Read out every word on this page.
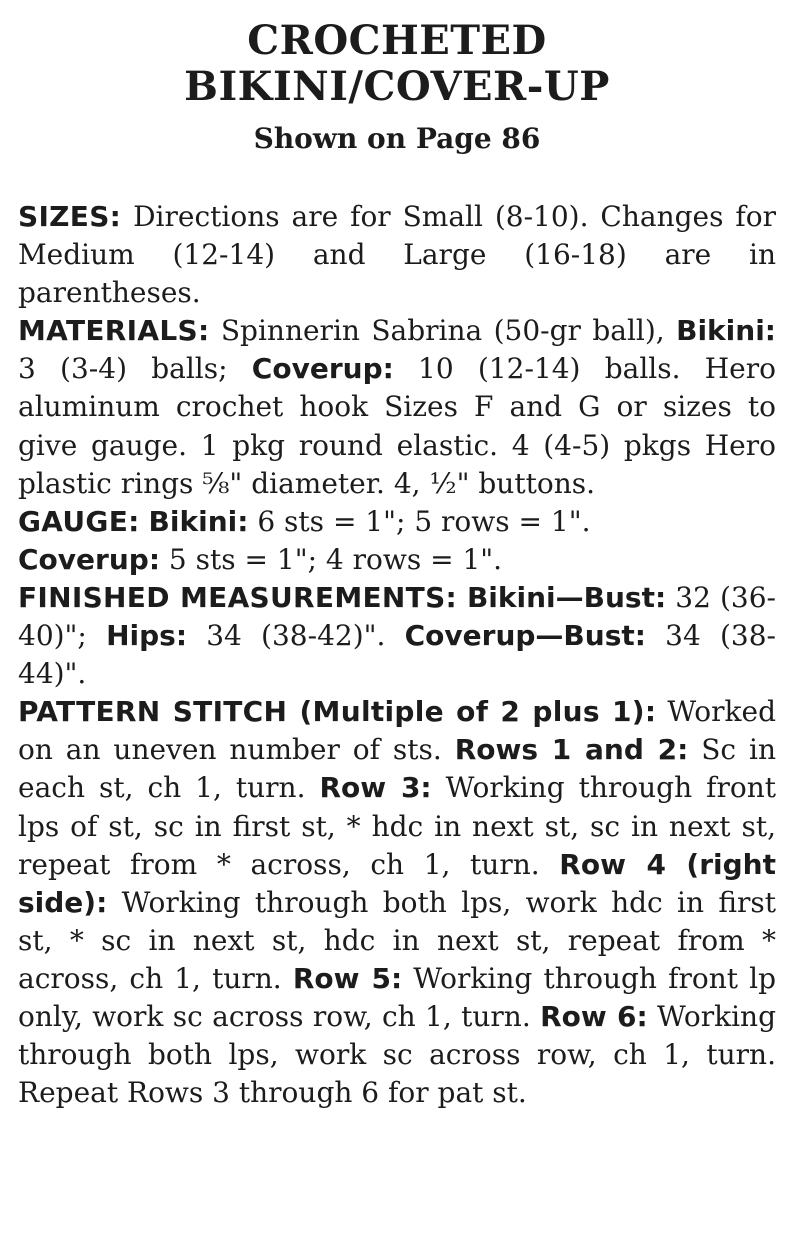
CROCHETED
BIKINI/COVER-UP
Shown on Page 86

SIZES: Directions are for Small (8-10). Changes for Medium (12-14) and Large (16-18) are in parentheses.

MATERIALS: Spinnerin Sabrina (50-gr ball), Bikini: 3 (3-4) balls; Coverup: 10 (12-14) balls. Hero aluminum crochet hook Sizes F and G or sizes to give gauge. 1 pkg round elastic. 4 (4-5) pkgs Hero plastic rings ⅝" diameter. 4, ½" buttons.

GAUGE: Bikini: 6 sts = 1"; 5 rows = 1".
Coverup: 5 sts = 1"; 4 rows = 1".

FINISHED MEASUREMENTS: Bikini—Bust: 32 (36-40)"; Hips: 34 (38-42)". Coverup—Bust: 34 (38-44)".

PATTERN STITCH (Multiple of 2 plus 1): Worked on an uneven number of sts. Rows 1 and 2: Sc in each st, ch 1, turn. Row 3: Working through front lps of st, sc in first st, * hdc in next st, sc in next st, repeat from * across, ch 1, turn. Row 4 (right side): Working through both lps, work hdc in first st, * sc in next st, hdc in next st, repeat from * across, ch 1, turn. Row 5: Working through front lp only, work sc across row, ch 1, turn. Row 6: Working through both lps, work sc across row, ch 1, turn. Repeat Rows 3 through 6 for pat st.
